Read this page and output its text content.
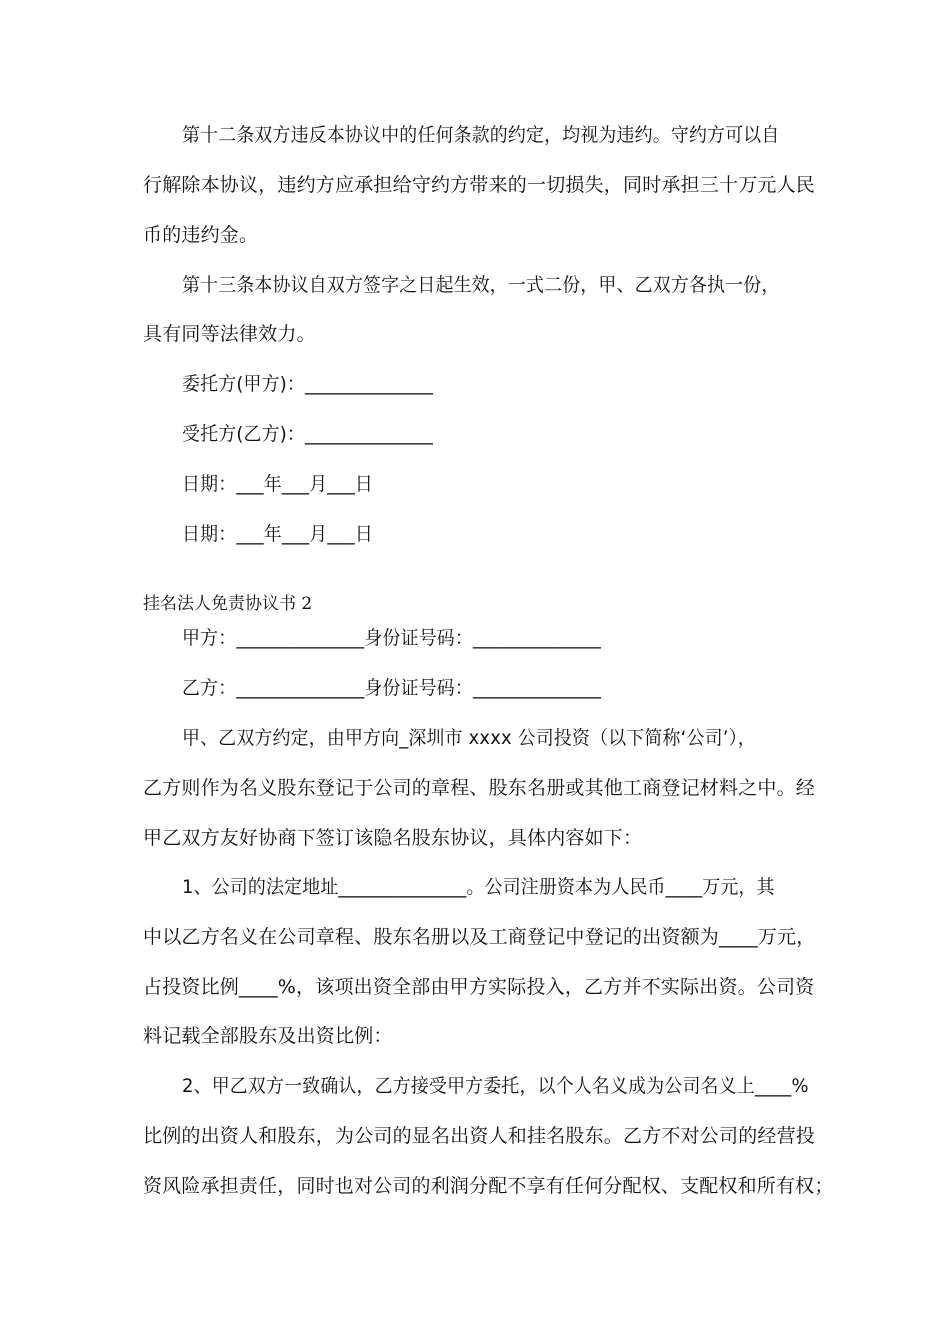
第十二条双方违反本协议中的任何条款的约定，均视为违约。守约方可以自
行解除本协议，违约方应承担给守约方带来的一切损失，同时承担三十万元人民
币的违约金。
第十三条本协议自双方签字之日起生效，一式二份，甲、乙双方各执一份，
具有同等法律效力。
委托方(甲方)：______________
受托方(乙方)：______________
日期：___年___月___日
日期：___年___月___日
挂名法人免责协议书 2
甲方：______________身份证号码：______________
乙方：______________身份证号码：______________
甲、乙双方约定，由甲方向_深圳市 xxxx 公司投资（以下简称‘公司’），
乙方则作为名义股东登记于公司的章程、股东名册或其他工商登记材料之中。经
甲乙双方友好协商下签订该隐名股东协议，具体内容如下：
1、公司的法定地址______________。公司注册资本为人民币____万元，其
中以乙方名义在公司章程、股东名册以及工商登记中登记的出资额为____万元，
占投资比例____%，该项出资全部由甲方实际投入，乙方并不实际出资。公司资
料记载全部股东及出资比例：
2、甲乙双方一致确认，乙方接受甲方委托，以个人名义成为公司名义上____%
比例的出资人和股东，为公司的显名出资人和挂名股东。乙方不对公司的经营投
资风险承担责任，同时也对公司的利润分配不享有任何分配权、支配权和所有权；
